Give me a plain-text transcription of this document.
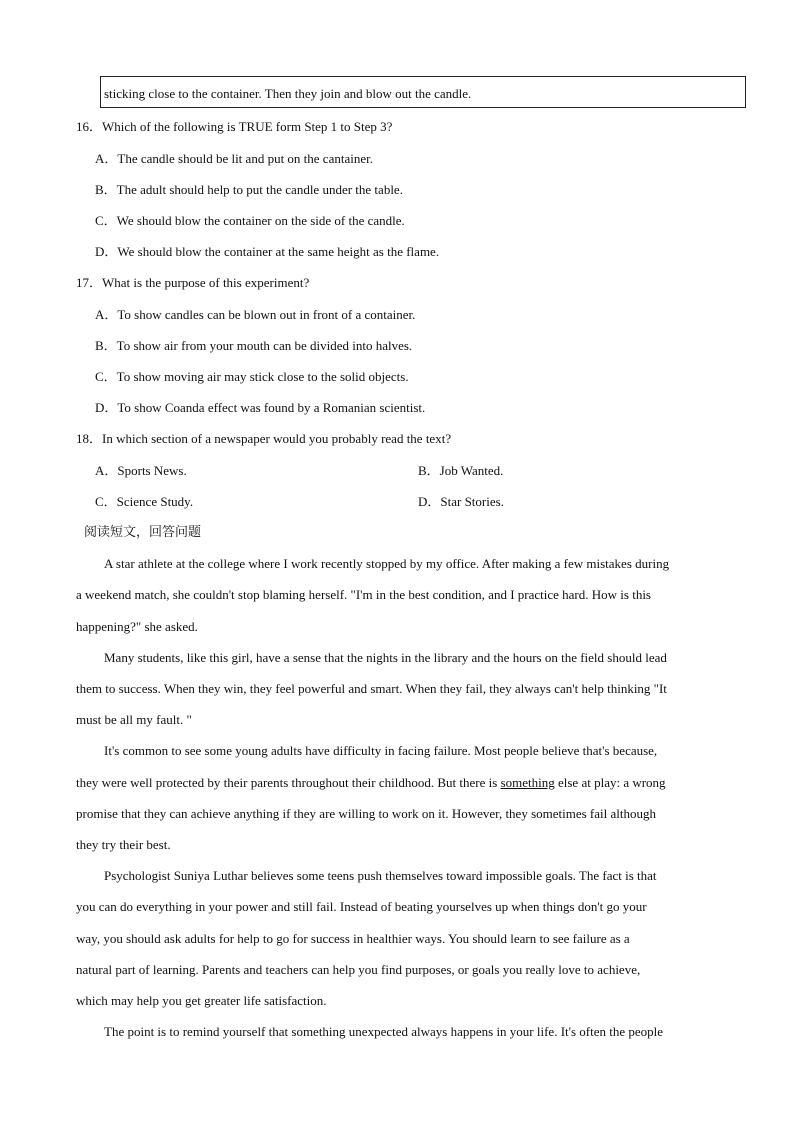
sticking close to the container. Then they join and blow out the candle.
16．Which of the following is TRUE form Step 1 to Step 3?
A．The candle should be lit and put on the cantainer.
B．The adult should help to put the candle under the table.
C．We should blow the container on the side of the candle.
D．We should blow the container at the same height as the flame.
17．What is the purpose of this experiment?
A．To show candles can be blown out in front of a container.
B．To show air from your mouth can be divided into halves.
C．To show moving air may stick close to the solid objects.
D．To show Coanda effect was found by a Romanian scientist.
18．In which section of a newspaper would you probably read the text?
A．Sports News.	B．Job Wanted.
C．Science Study.	D．Star Stories.
阅读短文，回答问题
A star athlete at the college where I work recently stopped by my office. After making a few mistakes during
a weekend match, she couldn't stop blaming herself. "I'm in the best condition, and I practice hard. How is this
happening?" she asked.
Many students, like this girl, have a sense that the nights in the library and the hours on the field should lead
them to success. When they win, they feel powerful and smart. When they fail, they always can't help thinking "It
must be all my fault. "
It's common to see some young adults have difficulty in facing failure. Most people believe that's because,
they were well protected by their parents throughout their childhood. But there is something else at play: a wrong
promise that they can achieve anything if they are willing to work on it. However, they sometimes fail although
they try their best.
Psychologist Suniya Luthar believes some teens push themselves toward impossible goals. The fact is that
you can do everything in your power and still fail. Instead of beating yourselves up when things don't go your
way, you should ask adults for help to go for success in healthier ways. You should learn to see failure as a
natural part of learning. Parents and teachers can help you find purposes, or goals you really love to achieve,
which may help you get greater life satisfaction.
The point is to remind yourself that something unexpected always happens in your life. It's often the people
